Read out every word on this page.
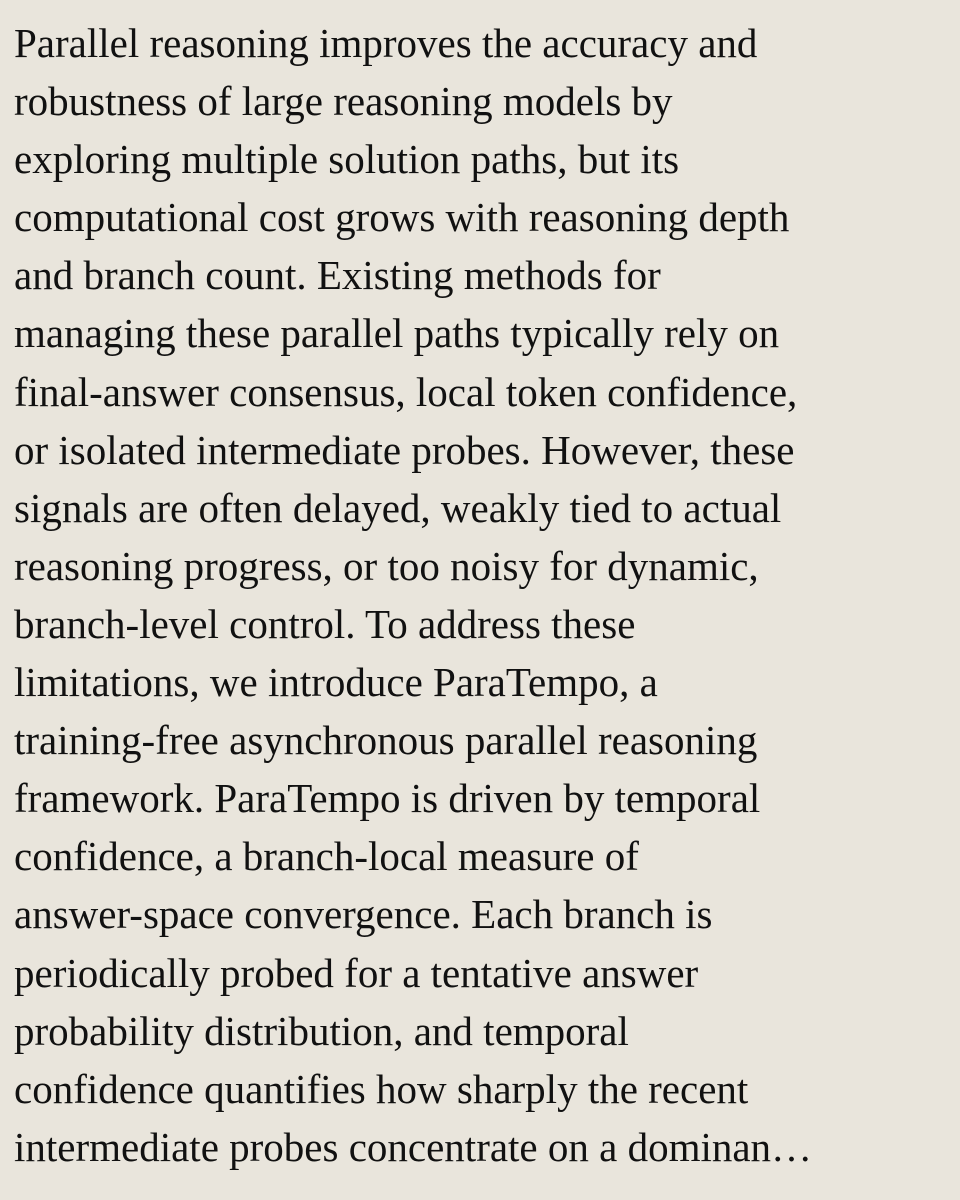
Parallel reasoning improves the accuracy and
robustness of large reasoning models by
exploring multiple solution paths, but its
computational cost grows with reasoning depth
and branch count. Existing methods for
managing these parallel paths typically rely on
final-answer consensus, local token confidence,
or isolated intermediate probes. However, these
signals are often delayed, weakly tied to actual
reasoning progress, or too noisy for dynamic,
branch-level control. To address these
limitations, we introduce ParaTempo, a
training-free asynchronous parallel reasoning
framework. ParaTempo is driven by temporal
confidence, a branch-local measure of
answer-space convergence. Each branch is
periodically probed for a tentative answer
probability distribution, and temporal
confidence quantifies how sharply the recent
intermediate probes concentrate on a dominan…
